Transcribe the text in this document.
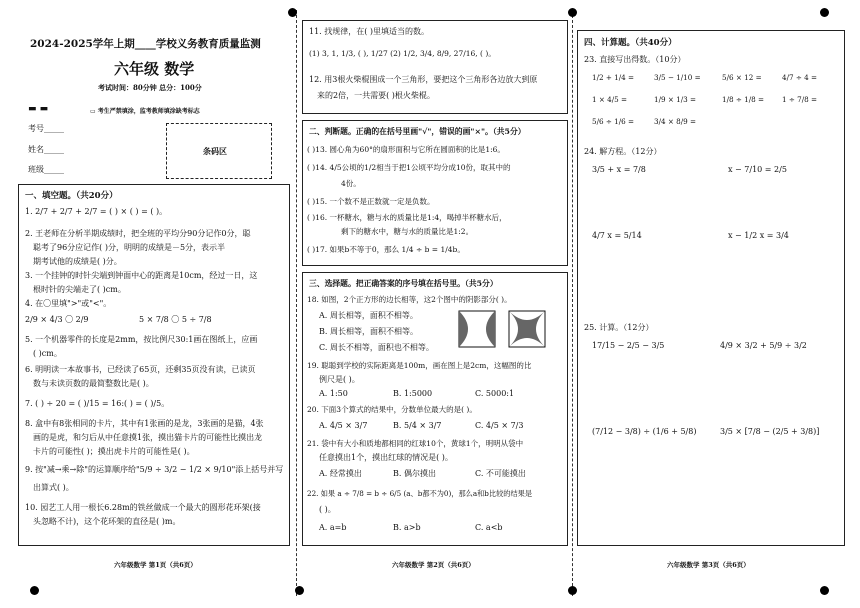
2024-2025学年上期____学校义务教育质量监测
六年级 数学
考试时间：80分钟 总分：100分
▬ ▬	▭ 考生严禁填涂，监考教师填涂缺考标志
考号_____
姓名_____
班级_____
条码区
一、填空题。（共20分）
1. 2/7 + 2/7 + 2/7 = ( ) × ( ) = ( )。
2. 王老师在分析半期成绩时，把全班的平均分90分记作0分，聪
聪考了96分应记作( )分，明明的成绩是－5分，表示半
期考试他的成绩是( )分。
3. 一个挂钟的时针尖端到钟面中心的距离是10cm，经过一日，这
根时针的尖端走了( )cm。
4. 在〇里填">"或"<"。
2/9 × 4/3 〇 2/9	5 × 7/8 〇 5 ÷ 7/8
5. 一个机器零件的长度是2mm，按比例尺30:1画在图纸上，应画
( )cm。
6. 明明读一本故事书，已经读了65页，还剩35页没有读，已读页
数与未读页数的最简整数比是( )。
7. ( ) ÷ 20 = ( )/15 = 16:( ) = ( )/5。
8. 盒中有8张相同的卡片，其中有1张画的是龙，3张画的是猫，4张
画的是虎，和匀后从中任意摸1张，摸出猫卡片的可能性比摸出龙
卡片的可能性( )；摸出虎卡片的可能性是( )。
9. 按"减→乘→除"的运算顺序给"5/9 ÷ 3/2 − 1/2 × 9/10"添上括号并写
出算式( )。
10. 园艺工人用一根长6.28m的铁丝做成一个最大的圆形花环架(接
头忽略不计)，这个花环架的直径是( )m。
六年级数学 第1页（共6页）
11. 找规律，在( )里填适当的数。
(1) 3, 1, 1/3, ( ), 1/27 (2) 1/2, 3/4, 8/9, 27/16, ( )。
12. 用3根火柴棍围成一个三角形，要把这个三角形各边放大到原
来的2倍，一共需要( )根火柴棍。
二、判断题。正确的在括号里画"√"，错误的画"×"。（共5分）
( )13. 圆心角为60°的扇形面积与它所在圆面积的比是1:6。
( )14. 4/5公顷的1/2相当于把1公顷平均分成10份，取其中的
4份。
( )15. 一个数不是正数就一定是负数。
( )16. 一杯糖水，糖与水的质量比是1:4，喝掉半杯糖水后，
剩下的糖水中，糖与水的质量比是1:2。
( )17. 如果b不等于0，那么 1/4 ÷ b = 1/4b。
三、选择题。把正确答案的序号填在括号里。（共5分）
18. 如图，2个正方形的边长相等，这2个图中的阴影部分( )。
A. 周长相等，面积不相等。
B. 周长相等，面积不相等。
C. 周长不相等，面积也不相等。
19. 聪聪到学校的实际距离是100m，画在图上是2cm，这幅图的比
例尺是( )。
A. 1:50	B. 1:5000	C. 5000:1
20. 下面3个算式的结果中，分数单位最大的是( )。
A. 4/5 × 3/7	B. 5/4 × 3/7	C. 4/5 × 7/3
21. 袋中有大小和质地都相同的红球10个，黄球1个，明明从袋中
任意摸出1个，摸出红球的情况是( )。
A. 经常摸出	B. 偶尔摸出	C. 不可能摸出
22. 如果 a ÷ 7/8 = b ÷ 6/5 (a、b都不为0)，那么a和b比较的结果是
( )。
A. a=b	B. a>b	C. a<b
六年级数学 第2页（共6页）
四、计算题。（共40分）
23. 直接写出得数。（10分）
1/2 + 1/4 =	3/5 − 1/10 =	5/6 × 12 =	4/7 ÷ 4 =
1 × 4/5 =	1/9 × 1/3 =	1/8 ÷ 1/8 = 1 ÷ 7/8 =
5/6 ÷ 1/6 =	3/4 × 8/9 =
24. 解方程。（12分）
3/5 + x = 7/8	x − 7/10 = 2/5
4/7 x = 5/14	x − 1/2 x = 3/4
25. 计算。（12分）
17/15 − 2/5 − 3/5	4/9 × 3/2 + 5/9 ÷ 3/2
(7/12 − 3/8) ÷ (1/6 + 5/8)	3/5 × [7/8 − (2/5 + 3/8)]
六年级数学 第3页（共6页）
